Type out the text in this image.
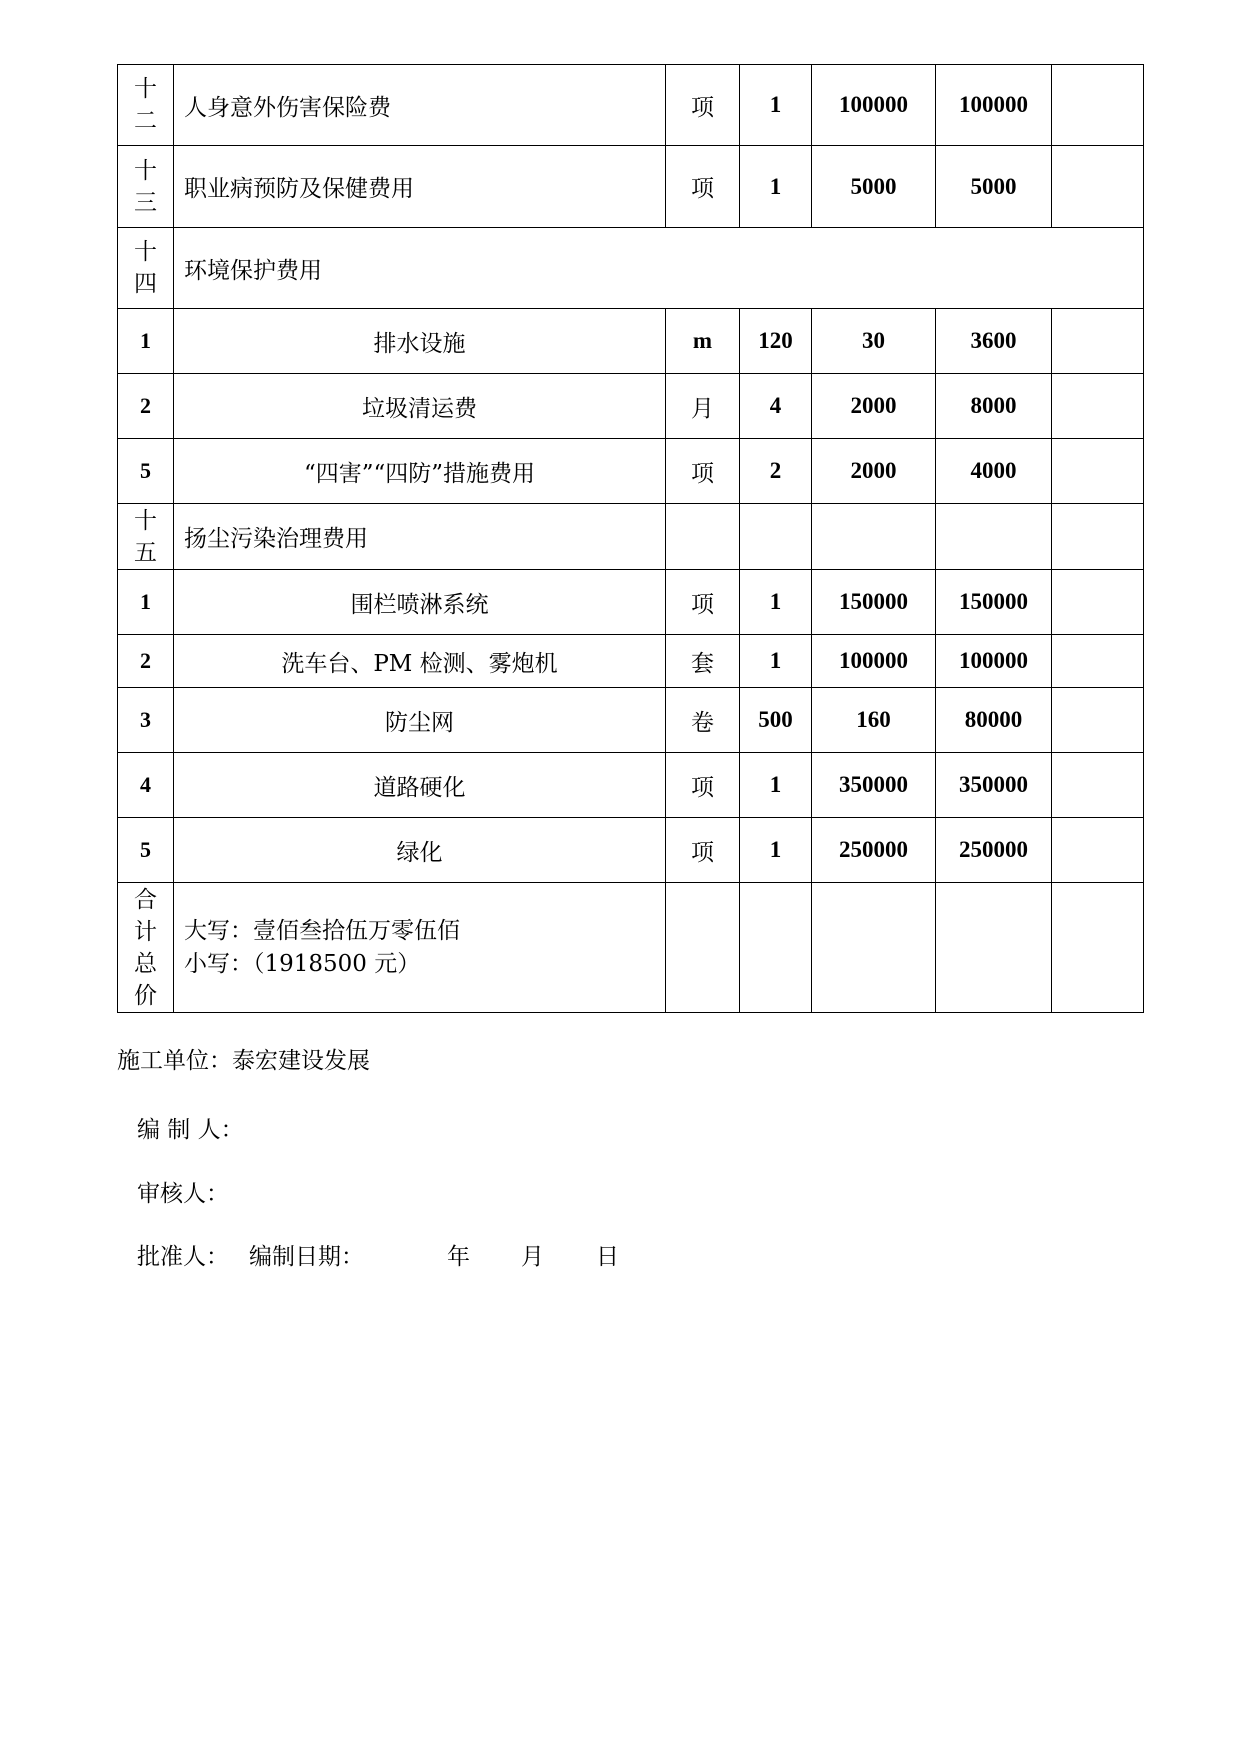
十二	人身意外伤害保险费	项	1	100000	100000	
十三	职业病预防及保健费用	项	1	5000	5000	
十四	环境保护费用					
1	排水设施	m	120	30	3600	
2	垃圾清运费	月	4	2000	8000	
5	“四害”“四防”措施费用	项	2	2000	4000	
十五	扬尘污染治理费用					
1	围栏喷淋系统	项	1	150000	150000	
2	洗车台、PM 检测、雾炮机	套	1	100000	100000	
3	防尘网	卷	500	160	80000	
4	道路硬化	项	1	350000	350000	
5	绿化	项	1	250000	250000	
合计总价	大写：壹佰叁拾伍万零伍佰
小写：（1918500 元）					

施工单位：泰宏建设发展
编 制 人：
审核人：
批准人： 编制日期：	年 月 日
